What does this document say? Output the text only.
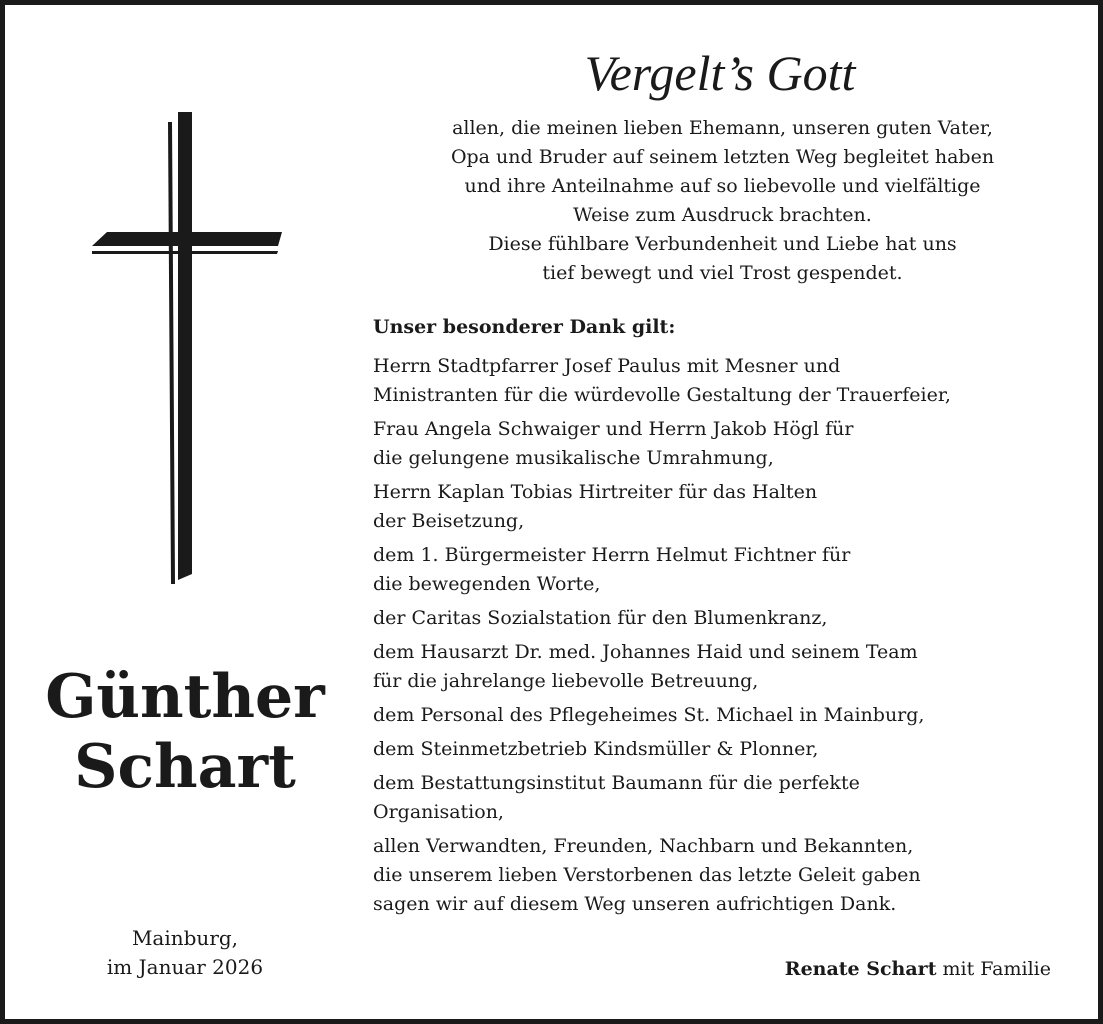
Günther
Schart
Mainburg,
im Januar 2026
Vergelt’s Gott
allen, die meinen lieben Ehemann, unseren guten Vater,
Opa und Bruder auf seinem letzten Weg begleitet haben
und ihre Anteilnahme auf so liebevolle und vielfältige
Weise zum Ausdruck brachten.
Diese fühlbare Verbundenheit und Liebe hat uns
tief bewegt und viel Trost gespendet.
Unser besonderer Dank gilt:
Herrn Stadtpfarrer Josef Paulus mit Mesner und
Ministranten für die würdevolle Gestaltung der Trauerfeier,
Frau Angela Schwaiger und Herrn Jakob Högl für
die gelungene musikalische Umrahmung,
Herrn Kaplan Tobias Hirtreiter für das Halten
der Beisetzung,
dem 1. Bürgermeister Herrn Helmut Fichtner für
die bewegenden Worte,
der Caritas Sozialstation für den Blumenkranz,
dem Hausarzt Dr. med. Johannes Haid und seinem Team
für die jahrelange liebevolle Betreuung,
dem Personal des Pflegeheimes St. Michael in Mainburg,
dem Steinmetzbetrieb Kindsmüller & Plonner,
dem Bestattungsinstitut Baumann für die perfekte
Organisation,
allen Verwandten, Freunden, Nachbarn und Bekannten,
die unserem lieben Verstorbenen das letzte Geleit gaben
sagen wir auf diesem Weg unseren aufrichtigen Dank.
Renate Schart mit Familie
